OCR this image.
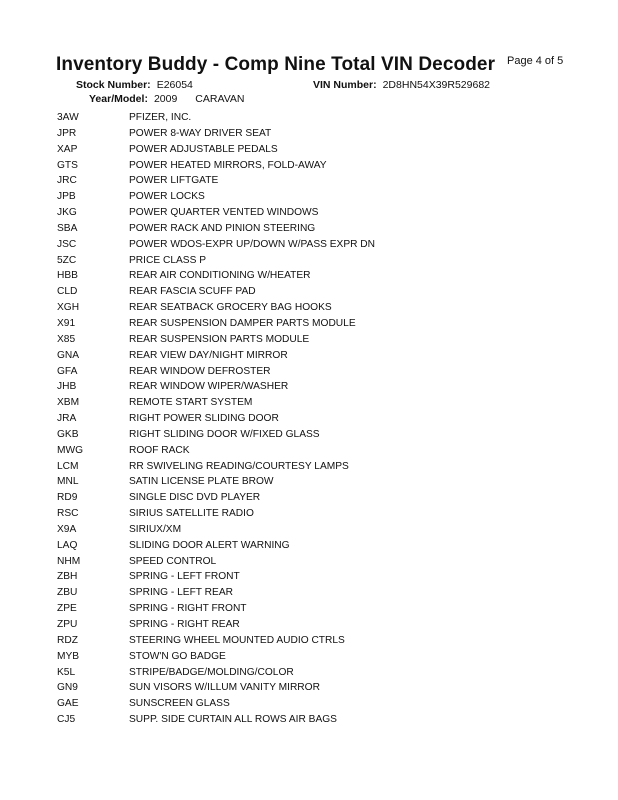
Inventory Buddy - Comp Nine Total VIN Decoder Page 4 of 5
Stock Number: E26054	VIN Number: 2D8HN54X39R529682
Year/Model: 2009 CARAVAN
3AW	PFIZER, INC.
JPR	POWER 8-WAY DRIVER SEAT
XAP	POWER ADJUSTABLE PEDALS
GTS	POWER HEATED MIRRORS, FOLD-AWAY
JRC	POWER LIFTGATE
JPB	POWER LOCKS
JKG	POWER QUARTER VENTED WINDOWS
SBA	POWER RACK AND PINION STEERING
JSC	POWER WDOS-EXPR UP/DOWN W/PASS EXPR DN
5ZC	PRICE CLASS P
HBB	REAR AIR CONDITIONING W/HEATER
CLD	REAR FASCIA SCUFF PAD
XGH	REAR SEATBACK GROCERY BAG HOOKS
X91	REAR SUSPENSION DAMPER PARTS MODULE
X85	REAR SUSPENSION PARTS MODULE
GNA	REAR VIEW DAY/NIGHT MIRROR
GFA	REAR WINDOW DEFROSTER
JHB	REAR WINDOW WIPER/WASHER
XBM	REMOTE START SYSTEM
JRA	RIGHT POWER SLIDING DOOR
GKB	RIGHT SLIDING DOOR W/FIXED GLASS
MWG	ROOF RACK
LCM	RR SWIVELING READING/COURTESY LAMPS
MNL	SATIN LICENSE PLATE BROW
RD9	SINGLE DISC DVD PLAYER
RSC	SIRIUS SATELLITE RADIO
X9A	SIRIUX/XM
LAQ	SLIDING DOOR ALERT WARNING
NHM	SPEED CONTROL
ZBH	SPRING - LEFT FRONT
ZBU	SPRING - LEFT REAR
ZPE	SPRING - RIGHT FRONT
ZPU	SPRING - RIGHT REAR
RDZ	STEERING WHEEL MOUNTED AUDIO CTRLS
MYB	STOW'N GO BADGE
K5L	STRIPE/BADGE/MOLDING/COLOR
GN9	SUN VISORS W/ILLUM VANITY MIRROR
GAE	SUNSCREEN GLASS
CJ5	SUPP. SIDE CURTAIN ALL ROWS AIR BAGS
